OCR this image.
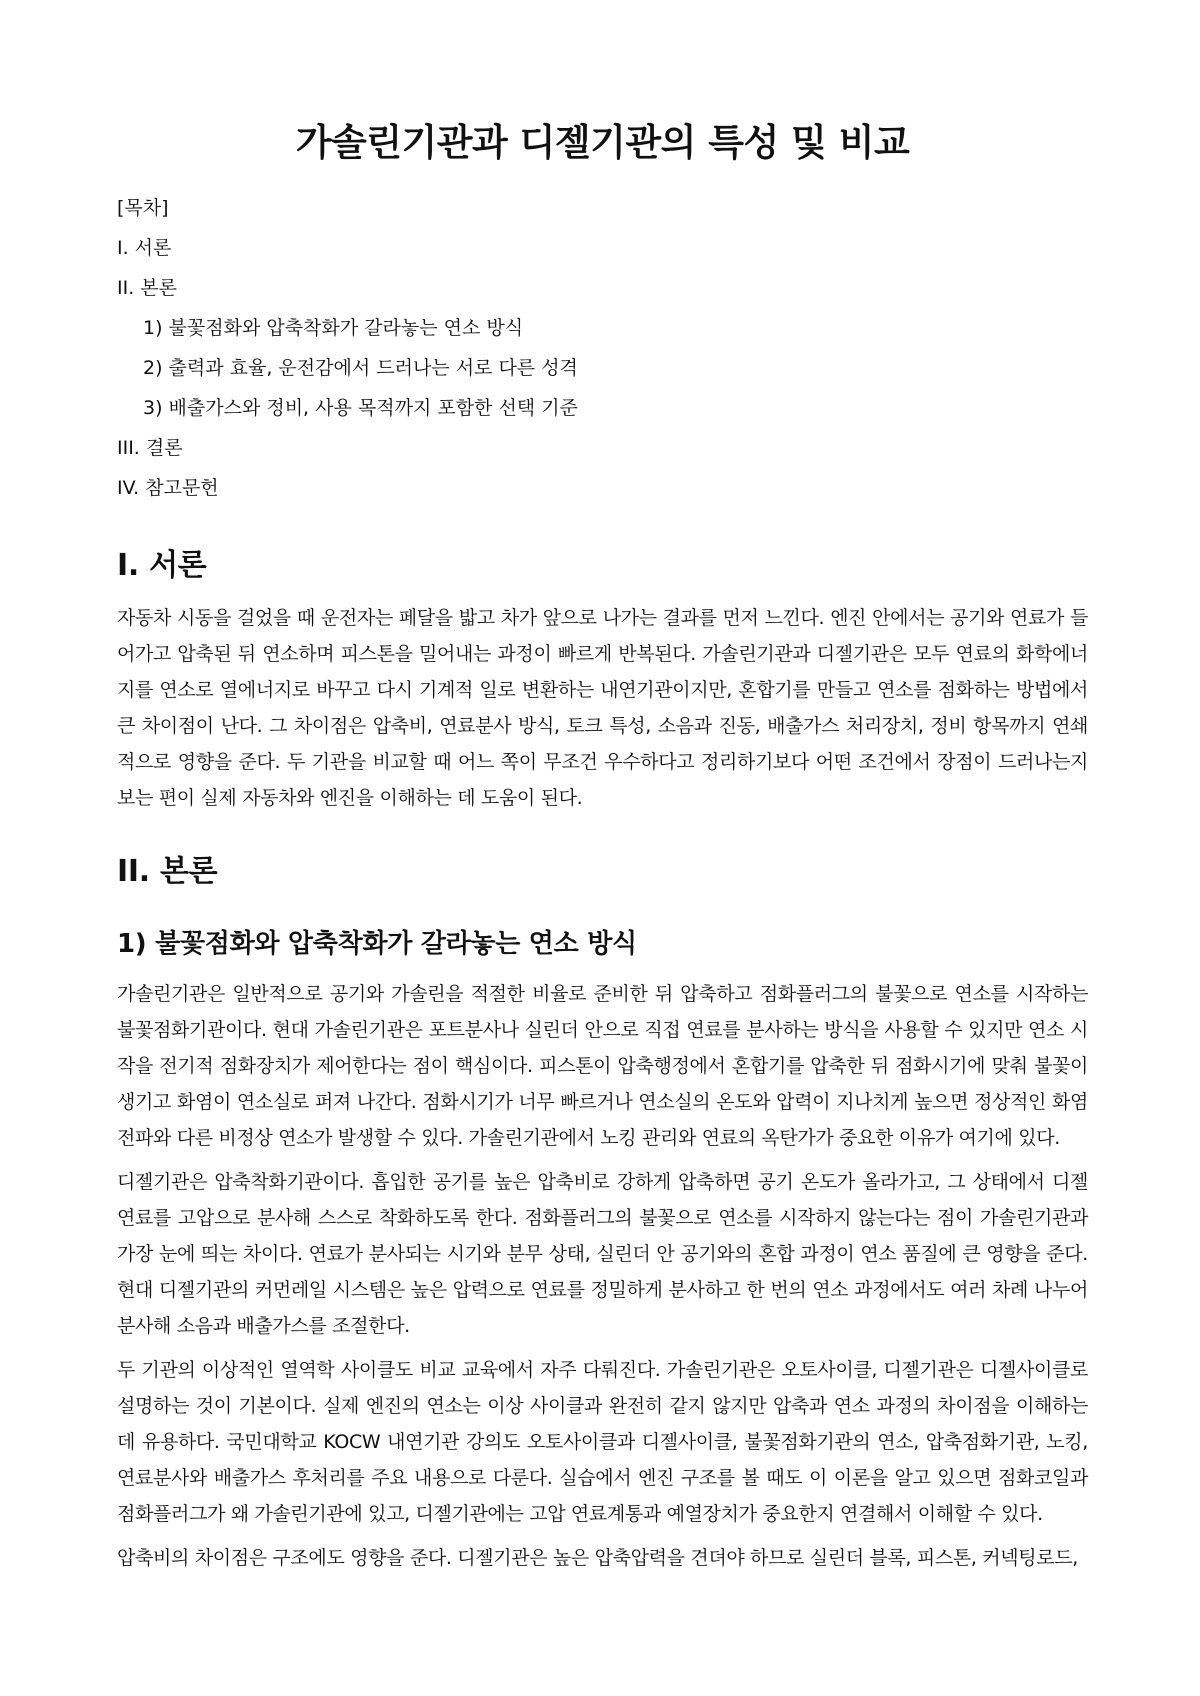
가솔린기관과 디젤기관의 특성 및 비교
[목차]
I. 서론
II. 본론
1) 불꽃점화와 압축착화가 갈라놓는 연소 방식
2) 출력과 효율, 운전감에서 드러나는 서로 다른 성격
3) 배출가스와 정비, 사용 목적까지 포함한 선택 기준
III. 결론
IV. 참고문헌
I. 서론

자동차 시동을 걸었을 때 운전자는 페달을 밟고 차가 앞으로 나가는 결과를 먼저 느낀다. 엔진 안에서는 공기와 연료가 들어가고 압축된 뒤 연소하며 피스톤을 밀어내는 과정이 빠르게 반복된다. 가솔린기관과 디젤기관은 모두 연료의 화학에너지를 연소로 열에너지로 바꾸고 다시 기계적 일로 변환하는 내연기관이지만, 혼합기를 만들고 연소를 점화하는 방법에서 큰 차이점이 난다. 그 차이점은 압축비, 연료분사 방식, 토크 특성, 소음과 진동, 배출가스 처리장치, 정비 항목까지 연쇄적으로 영향을 준다. 두 기관을 비교할 때 어느 쪽이 무조건 우수하다고 정리하기보다 어떤 조건에서 장점이 드러나는지 보는 편이 실제 자동차와 엔진을 이해하는 데 도움이 된다.

II. 본론
1) 불꽃점화와 압축착화가 갈라놓는 연소 방식

가솔린기관은 일반적으로 공기와 가솔린을 적절한 비율로 준비한 뒤 압축하고 점화플러그의 불꽃으로 연소를 시작하는 불꽃점화기관이다. 현대 가솔린기관은 포트분사나 실린더 안으로 직접 연료를 분사하는 방식을 사용할 수 있지만 연소 시작을 전기적 점화장치가 제어한다는 점이 핵심이다. 피스톤이 압축행정에서 혼합기를 압축한 뒤 점화시기에 맞춰 불꽃이 생기고 화염이 연소실로 퍼져 나간다. 점화시기가 너무 빠르거나 연소실의 온도와 압력이 지나치게 높으면 정상적인 화염 전파와 다른 비정상 연소가 발생할 수 있다. 가솔린기관에서 노킹 관리와 연료의 옥탄가가 중요한 이유가 여기에 있다.

디젤기관은 압축착화기관이다. 흡입한 공기를 높은 압축비로 강하게 압축하면 공기 온도가 올라가고, 그 상태에서 디젤 연료를 고압으로 분사해 스스로 착화하도록 한다. 점화플러그의 불꽃으로 연소를 시작하지 않는다는 점이 가솔린기관과 가장 눈에 띄는 차이다. 연료가 분사되는 시기와 분무 상태, 실린더 안 공기와의 혼합 과정이 연소 품질에 큰 영향을 준다. 현대 디젤기관의 커먼레일 시스템은 높은 압력으로 연료를 정밀하게 분사하고 한 번의 연소 과정에서도 여러 차례 나누어 분사해 소음과 배출가스를 조절한다.

두 기관의 이상적인 열역학 사이클도 비교 교육에서 자주 다뤄진다. 가솔린기관은 오토사이클, 디젤기관은 디젤사이클로 설명하는 것이 기본이다. 실제 엔진의 연소는 이상 사이클과 완전히 같지 않지만 압축과 연소 과정의 차이점을 이해하는 데 유용하다. 국민대학교 KOCW 내연기관 강의도 오토사이클과 디젤사이클, 불꽃점화기관의 연소, 압축점화기관, 노킹, 연료분사와 배출가스 후처리를 주요 내용으로 다룬다. 실습에서 엔진 구조를 볼 때도 이 이론을 알고 있으면 점화코일과 점화플러그가 왜 가솔린기관에 있고, 디젤기관에는 고압 연료계통과 예열장치가 중요한지 연결해서 이해할 수 있다.

압축비의 차이점은 구조에도 영향을 준다. 디젤기관은 높은 압축압력을 견뎌야 하므로 실린더 블록, 피스톤, 커넥팅로드,
